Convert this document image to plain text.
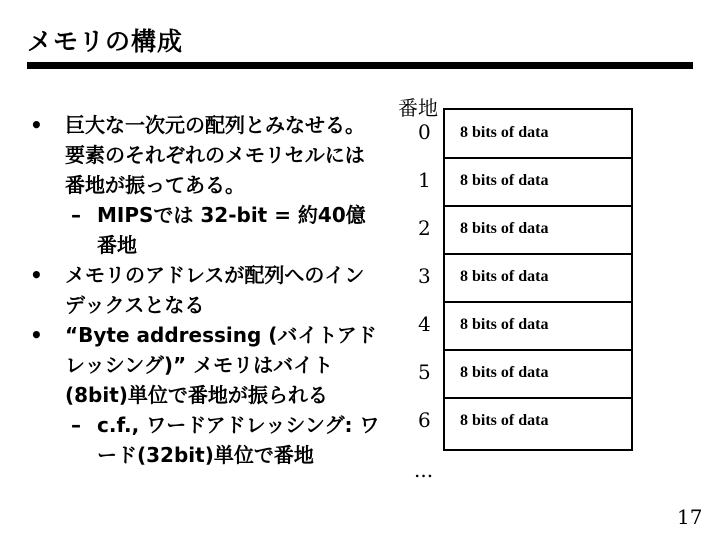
メモリの構成
• 巨大な一次元の配列とみなせる。要素のそれぞれのメモリセルには番地が振ってある。
– MIPSでは 32-bit = 約40億番地
• メモリのアドレスが配列へのインデックスとなる
• “Byte addressing (バイトアドレッシング)” メモリはバイト(8bit)単位で番地が振られる
– c.f., ワードアドレッシング: ワード(32bit)単位で番地
番地
0
1
2
3
4
5
6
8 bits of data
8 bits of data
8 bits of data
8 bits of data
8 bits of data
8 bits of data
8 bits of data
...
17
